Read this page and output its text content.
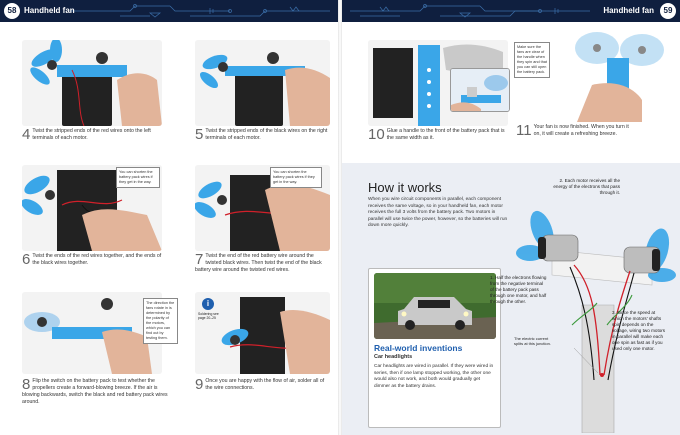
58 Handheld fan
4 Twist the stripped ends of the red wires onto the left terminals of each motor.	5 Twist the stripped ends of the black wires on the right terminals of each motor.
You can shorten the battery pack wires if they get in the way.
6 Twist the ends of the red wires together, and the ends of the black wires together.
You can shorten the battery pack wires if they get in the way.
7 Twist the end of the red battery wire around the twisted black wires. Then twist the end of the black battery wire around the twisted red wires.
The direction the fans rotate in is determined by the polarity of the motors, which you can find out by testing them.
8 Flip the switch on the battery pack to test whether the propellers create a forward-blowing breeze. If the air is blowing backwards, switch the black and red battery pack wires around.
i
Soldering see page 20–25
9 Once you are happy with the flow of air, solder all of the wire connections.
Handheld fan	59
Make sure the fans are clear of the handle when they spin and that you can still open the battery pack.
10 Glue a handle to the front of the battery pack that is the same width as it.	11 Your fan is now finished. When you turn it on, it will create a refreshing breeze.
How it works
When you wire circuit components in parallel, each component receives the same voltage, so in your handheld fan, each motor receives the full 3 volts from the battery pack. Two motors in parallel will use twice the power, however, so the batteries will run down more quickly.
Real-world inventions
Car headlights
Car headlights are wired in parallel. If they were wired in series, then if one lamp stopped working, the other one would also not work, and both would gradually get dimmer as the battery drains.
2. Each motor receives all the energy of the electrons that pass through it.
1. Half the electrons flowing from the negative terminal of the battery pack pass through one motor, and half through the other.
3. Since the speed at which the motors' shafts spin depends on the voltage, wiring two motors in parallel will make each one spin as fast as if you used only one motor.
The electric current splits at this junction.
